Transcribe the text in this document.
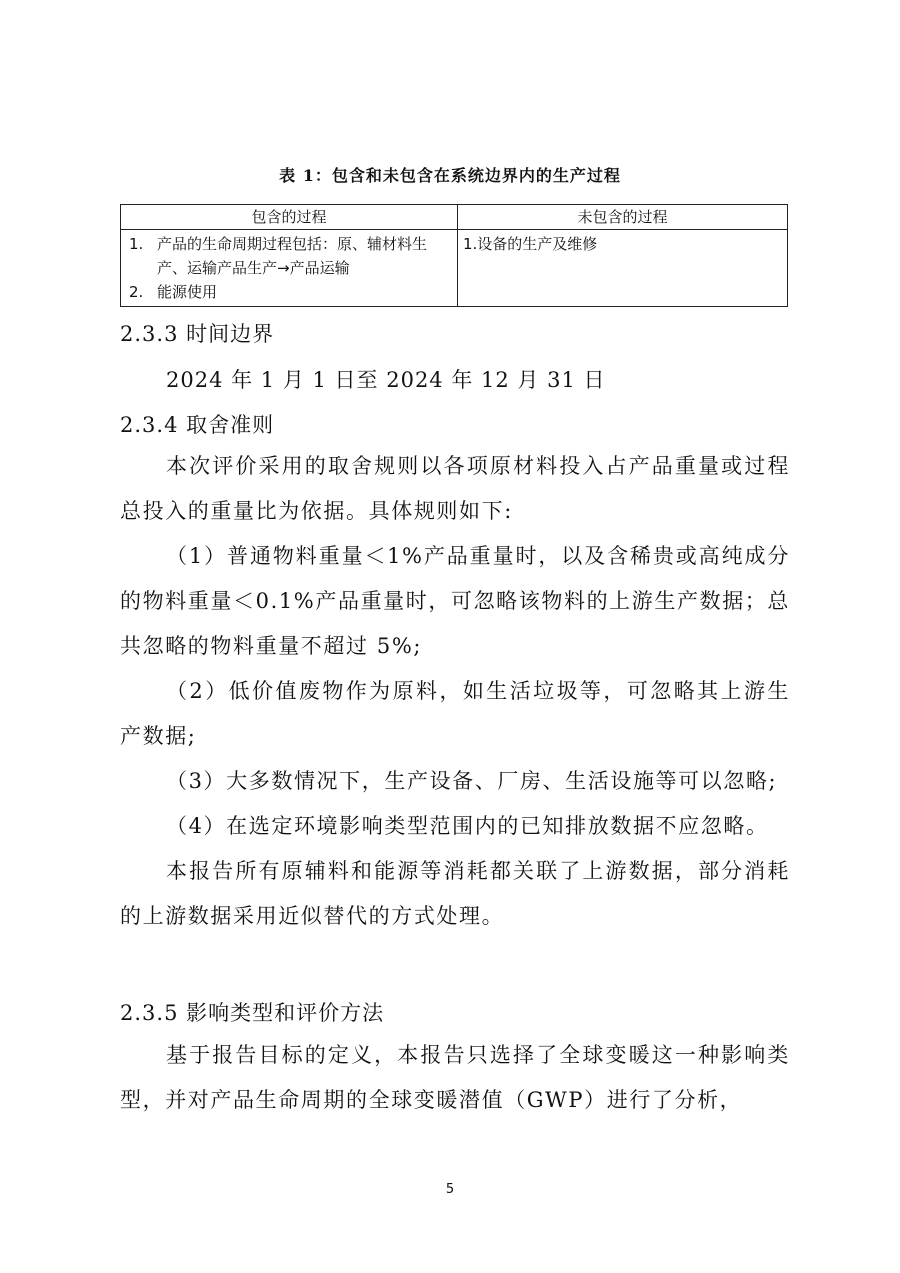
表 1：包含和未包含在系统边界内的生产过程
包含的过程	未包含的过程

1. 产品的生命周期过程包括：原、辅材料生产、运输产品生产→产品运输
2. 能源使用	1.设备的生产及维修
2.3.3 时间边界
2024 年 1 月 1 日至 2024 年 12 月 31 日
2.3.4 取舍准则

本次评价采用的取舍规则以各项原材料投入占产品重量或过程总投入的重量比为依据。具体规则如下:

（1）普通物料重量＜1%产品重量时，以及含稀贵或高纯成分的物料重量＜0.1%产品重量时，可忽略该物料的上游生产数据；总共忽略的物料重量不超过 5%;

（2）低价值废物作为原料，如生活垃圾等，可忽略其上游生产数据;

（3）大多数情况下，生产设备、厂房、生活设施等可以忽略;

（4）在选定环境影响类型范围内的已知排放数据不应忽略。

本报告所有原辅料和能源等消耗都关联了上游数据，部分消耗的上游数据采用近似替代的方式处理。

2.3.5 影响类型和评价方法

基于报告目标的定义，本报告只选择了全球变暖这一种影响类型，并对产品生命周期的全球变暖潜值（GWP）进行了分析，

5
